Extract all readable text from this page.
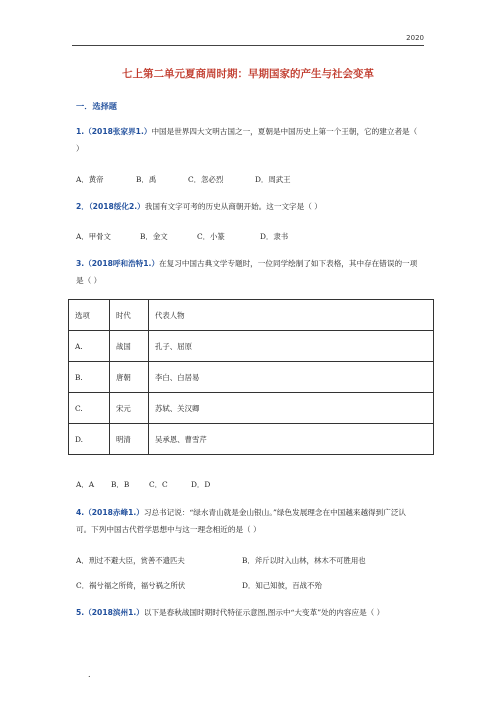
2020
七上第二单元夏商周时期：早期国家的产生与社会变革
一．选择题
1.（2018张家界1.）中国是世界四大文明古国之一，夏朝是中国历史上第一个王朝，它的建立者是（ ）
A．黄帝	B．禹	C．忽必烈	D．周武王
2．（2018绥化2.）我国有文字可考的历史从商朝开始。这一文字是（ ）
A．甲骨文	B．金文	C．小篆	D．隶书
3.（2018呼和浩特1.）在复习中国古典文学专题时，一位同学绘制了如下表格，其中存在错误的一项是（ ）
选项	时代	代表人物
A.	战国	孔子、屈原
B.	唐朝	李白、白居易
C.	宋元	苏轼、关汉卿
D.	明清	吴承恩、曹雪芹
A．A B．B	C．C	D．D
4.（2018赤峰1.）习总书记说：“绿水青山就是金山银山。”绿色发展理念在中国越来越得到广泛认可。下列中国古代哲学思想中与这一理念相近的是（ ）
A．刑过不避大臣，赏善不遗匹夫	B．斧斤以时入山林，林木不可胜用也
C．祸兮福之所倚，福兮祸之所伏	D．知己知彼，百战不殆
5.（2018滨州1.）以下是春秋战国时期时代特征示意图,图示中“大变革”处的内容应是（ ）
.
